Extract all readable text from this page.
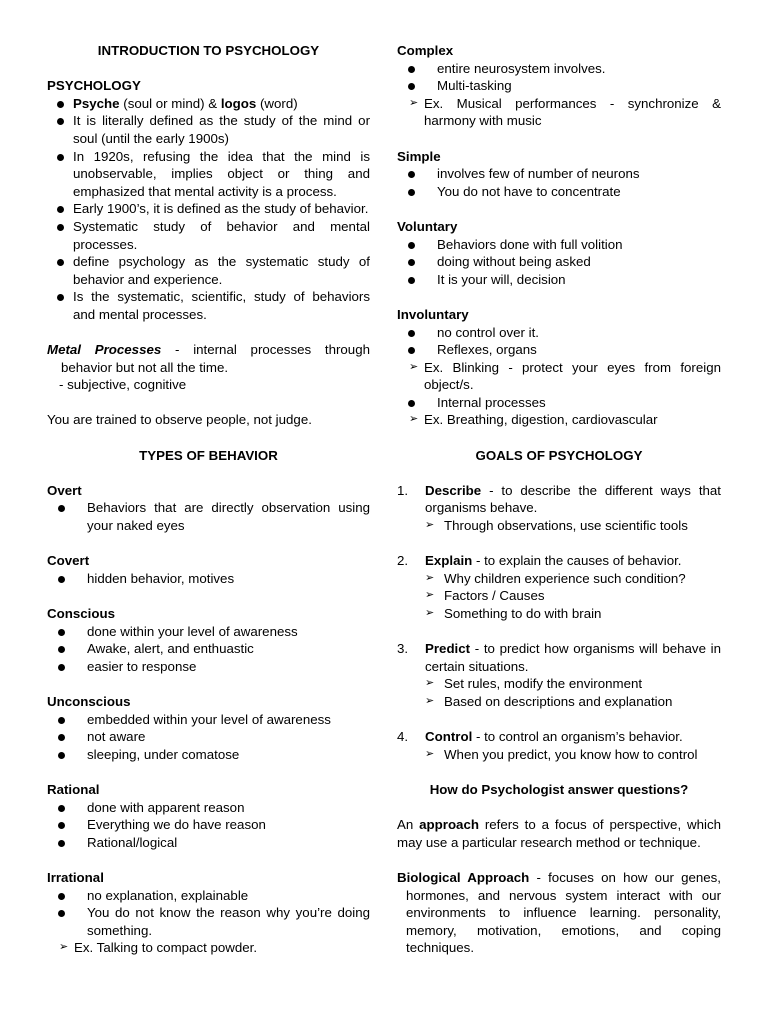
INTRODUCTION TO PSYCHOLOGY
PSYCHOLOGY
Psyche (soul or mind) & logos (word)
It is literally defined as the study of the mind or soul (until the early 1900s)
In 1920s, refusing the idea that the mind is unobservable, implies object or thing and emphasized that mental activity is a process.
Early 1900’s, it is defined as the study of behavior.
Systematic study of behavior and mental processes.
define psychology as the systematic study of behavior and experience.
Is the systematic, scientific, study of behaviors and mental processes.
Metal Processes - internal processes through behavior but not all the time.
- subjective, cognitive
You are trained to observe people, not judge.
TYPES OF BEHAVIOR
Overt
Behaviors that are directly observation using your naked eyes
Covert
hidden behavior, motives
Conscious
done within your level of awareness
Awake, alert, and enthuastic
easier to response
Unconscious
embedded within your level of awareness
not aware
sleeping, under comatose
Rational
done with apparent reason
Everything we do have reason
Rational/logical
Irrational
no explanation, explainable
You do not know the reason why you’re doing something.
➢ Ex. Talking to compact powder.
Complex
entire neurosystem involves.
Multi-tasking
➢ Ex. Musical performances - synchronize & harmony with music
Simple
involves few of number of neurons
You do not have to concentrate
Voluntary
Behaviors done with full volition
doing without being asked
It is your will, decision
Involuntary
no control over it.
Reflexes, organs
➢ Ex. Blinking - protect your eyes from foreign object/s.
Internal processes
➢ Ex. Breathing, digestion, cardiovascular
GOALS OF PSYCHOLOGY
1. Describe - to describe the different ways that organisms behave.
➢ Through observations, use scientific tools
2. Explain - to explain the causes of behavior.
➢ Why children experience such condition?
➢ Factors / Causes
➢ Something to do with brain
3. Predict - to predict how organisms will behave in certain situations.
➢ Set rules, modify the environment
➢ Based on descriptions and explanation
4. Control - to control an organism’s behavior.
➢ When you predict, you know how to control
How do Psychologist answer questions?
An approach refers to a focus of perspective, which may use a particular research method or technique.
Biological Approach - focuses on how our genes, hormones, and nervous system interact with our environments to influence learning. personality, memory, motivation, emotions, and coping techniques.
